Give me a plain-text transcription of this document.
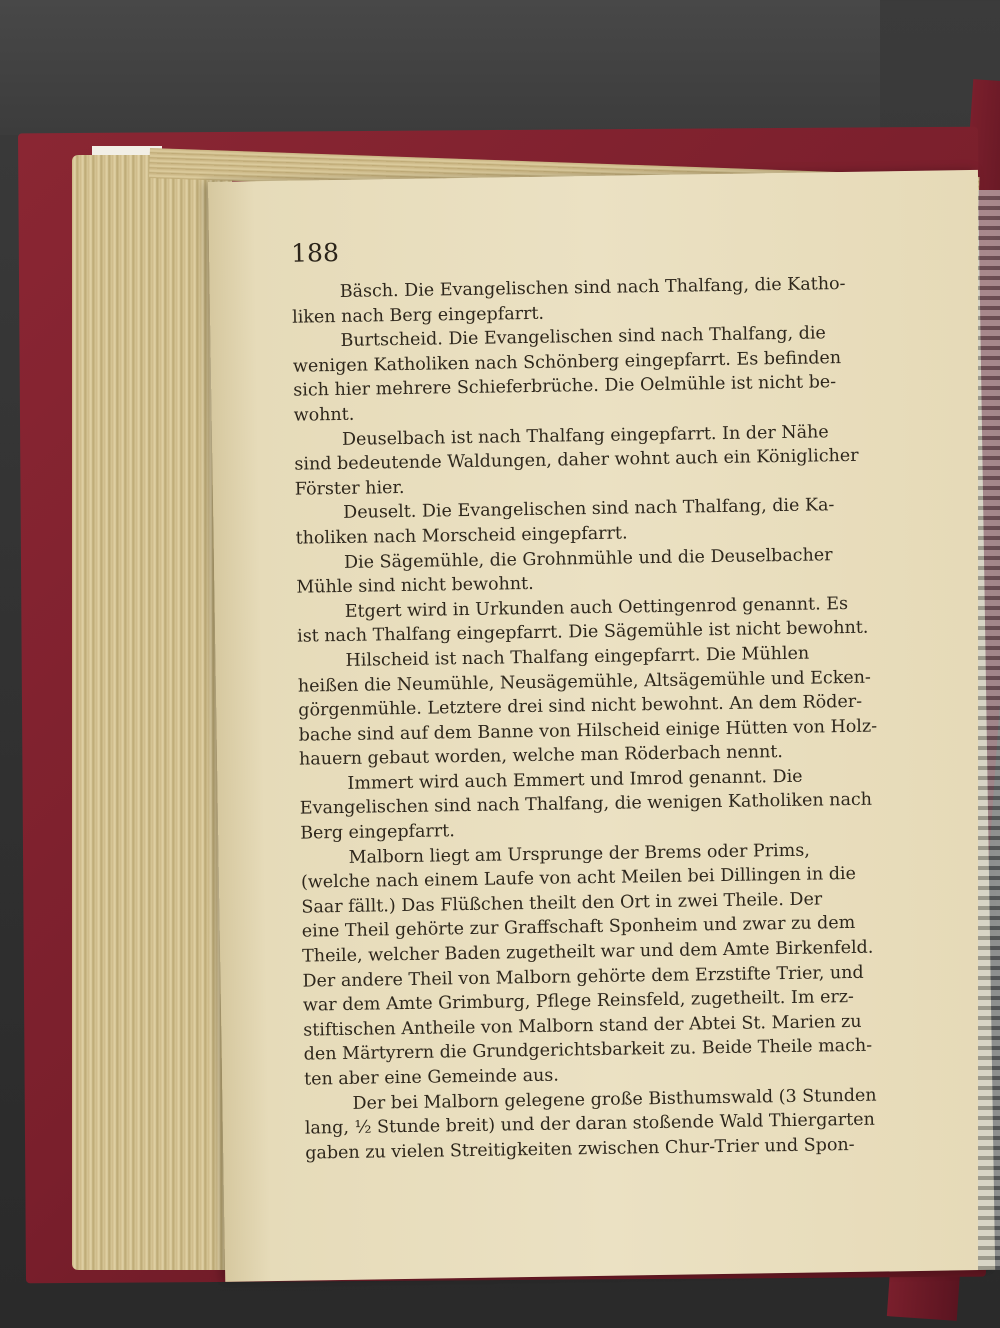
188

Bäsch. Die Evangelischen sind nach Thalfang, die Katho-

liken nach Berg eingepfarrt.

Burtscheid. Die Evangelischen sind nach Thalfang, die

wenigen Katholiken nach Schönberg eingepfarrt. Es befinden

sich hier mehrere Schieferbrüche. Die Oelmühle ist nicht be-

wohnt.

Deuselbach ist nach Thalfang eingepfarrt. In der Nähe

sind bedeutende Waldungen, daher wohnt auch ein Königlicher

Förster hier.

Deuselt. Die Evangelischen sind nach Thalfang, die Ka-

tholiken nach Morscheid eingepfarrt.

Die Sägemühle, die Grohnmühle und die Deuselbacher

Mühle sind nicht bewohnt.

Etgert wird in Urkunden auch Oettingenrod genannt. Es

ist nach Thalfang eingepfarrt. Die Sägemühle ist nicht bewohnt.

Hilscheid ist nach Thalfang eingepfarrt. Die Mühlen

heißen die Neumühle, Neusägemühle, Altsägemühle und Ecken-

görgenmühle. Letztere drei sind nicht bewohnt. An dem Röder-

bache sind auf dem Banne von Hilscheid einige Hütten von Holz-

hauern gebaut worden, welche man Röderbach nennt.

Immert wird auch Emmert und Imrod genannt. Die

Evangelischen sind nach Thalfang, die wenigen Katholiken nach

Berg eingepfarrt.

Malborn liegt am Ursprunge der Brems oder Prims,

(welche nach einem Laufe von acht Meilen bei Dillingen in die

Saar fällt.) Das Flüßchen theilt den Ort in zwei Theile. Der

eine Theil gehörte zur Graffschaft Sponheim und zwar zu dem

Theile, welcher Baden zugetheilt war und dem Amte Birkenfeld.

Der andere Theil von Malborn gehörte dem Erzstifte Trier, und

war dem Amte Grimburg, Pflege Reinsfeld, zugetheilt. Im erz-

stiftischen Antheile von Malborn stand der Abtei St. Marien zu

den Märtyrern die Grundgerichtsbarkeit zu. Beide Theile mach-

ten aber eine Gemeinde aus.

Der bei Malborn gelegene große Bisthumswald (3 Stunden

lang, ½ Stunde breit) und der daran stoßende Wald Thiergarten

gaben zu vielen Streitigkeiten zwischen Chur-Trier und Spon-
